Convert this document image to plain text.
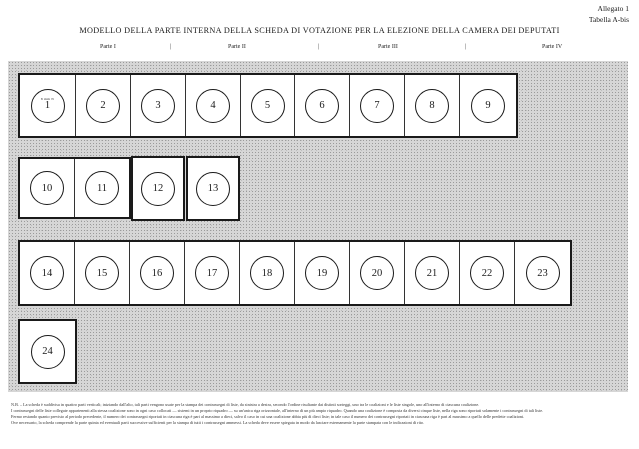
Allegato 1
Tabella A-bis
MODELLO DELLA PARTE INTERNA DELLA SCHEDA DI VOTAZIONE PER LA ELEZIONE DELLA CAMERA DEI DEPUTATI
Parte I	|	Parte II	|	Parte III	|	Parte IV
8 mm N
1	2	3	4	5	6	7	8	9
10	11	12	13
14	15	16	17	18	19	20	21	22	23
24

N.B. – La scheda è suddivisa in quattro parti verticali; iniziando dall'alto, tali parti vengono usate per la stampa dei contrassegni di liste, da sinistra a destra, secondo l'ordine risultante dai distinti sorteggi, uno tra le coalizioni e le liste singole, uno all'interno di ciascuna coalizione.

I contrassegni delle liste collegate appartenenti alla stessa coalizione sono in ogni caso collocati — sistemi in un proprio riquadro — su un'unica riga orizzontale, all'interno di un più ampio riquadro. Quando una coalizione è composta da diversi cinque liste, nella riga sono riportati solamente i contrassegni di tali liste.

Fermo restando quanto previsto al periodo precedente, il numero dei contrassegni riportati in ciascuna riga è pari al massimo a dieci, salvo il caso in cui una coalizione abbia più di dieci liste; in tale caso il numero dei contrassegni riportati in ciascuna riga è pari al massimo a quello delle predette coalizioni.

Ove necessario, la scheda comprende la parte quinta ed eventuali parti successive sufficienti per la stampa di tutti i contrassegni ammessi. La scheda deve essere spiegata in modo da lasciare esternamente la parte stampata con le indicazioni di rito.
